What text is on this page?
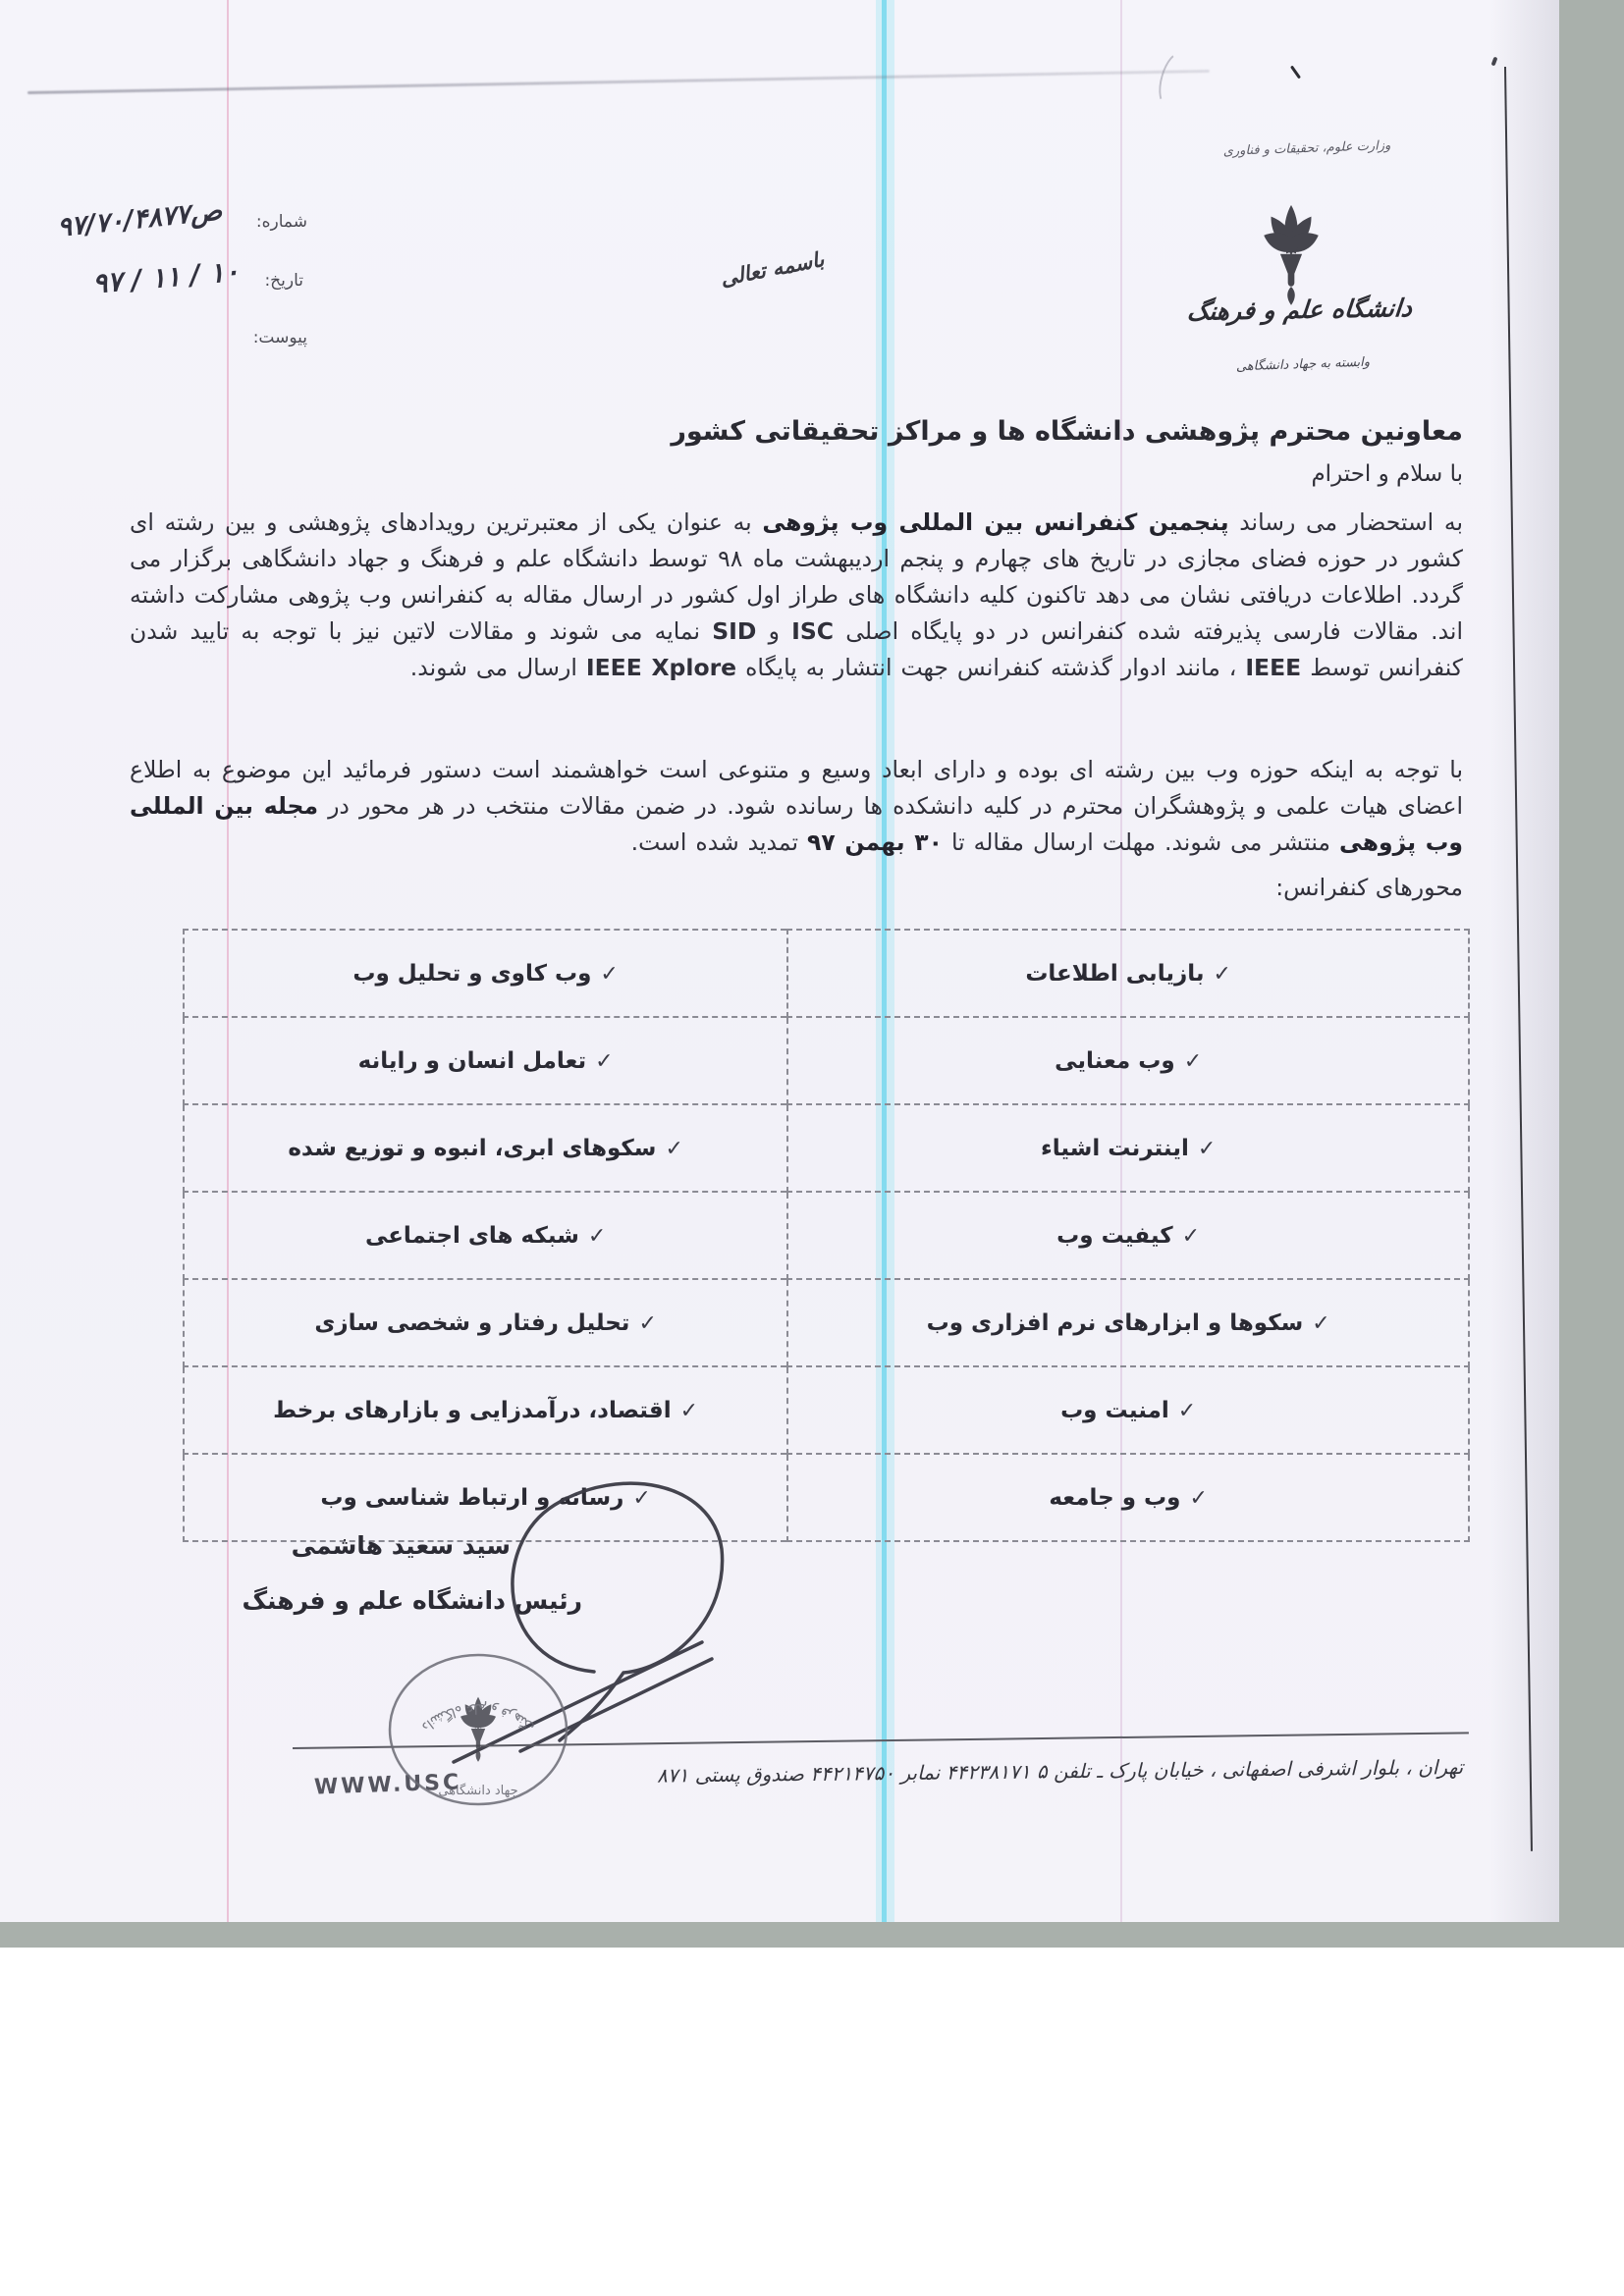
وزارت علوم، تحقیقات و فناوری
دانشگاه علم و فرهنگ
وابسته به جهاد دانشگاهی
باسمه تعالی
شماره:
ص۹۷/۷۰/۴۸۷۷
تاریخ:
۹۷ / ۱۱ / ۱۰
پیوست:
معاونین محترم پژوهشی دانشگاه ها و مراکز تحقیقاتی کشور
با سلام و احترام

به استحضار می رساند پنجمین کنفرانس بین المللی وب پژوهی به عنوان یکی از معتبرترین رویدادهای پژوهشی و بین رشته ای کشور در حوزه فضای مجازی در تاریخ های چهارم و پنجم اردیبهشت ماه ۹۸ توسط دانشگاه علم و فرهنگ و جهاد دانشگاهی برگزار می گردد. اطلاعات دریافتی نشان می دهد تاکنون کلیه دانشگاه های طراز اول کشور در ارسال مقاله به کنفرانس وب پژوهی مشارکت داشته اند. مقالات فارسی پذیرفته شده کنفرانس در دو پایگاه اصلی ISC و SID نمایه می شوند و مقالات لاتین نیز با توجه به تایید شدن کنفرانس توسط IEEE ، مانند ادوار گذشته کنفرانس جهت انتشار به پایگاه IEEE Xplore ارسال می شوند.

با توجه به اینکه حوزه وب بین رشته ای بوده و دارای ابعاد وسیع و متنوعی است خواهشمند است دستور فرمائید این موضوع به اطلاع اعضای هیات علمی و پژوهشگران محترم در کلیه دانشکده ها رسانده شود. در ضمن مقالات منتخب در هر محور در مجله بین المللی وب پژوهی منتشر می شوند. مهلت ارسال مقاله تا ۳۰ بهمن ۹۷ تمدید شده است.

محورهای کنفرانس:
✓بازیابی اطلاعات	✓وب کاوی و تحلیل وب
✓وب معنایی	✓تعامل انسان و رایانه
✓اینترنت اشیاء	✓سکوهای ابری، انبوه و توزیع شده
✓کیفیت وب	✓شبکه های اجتماعی
✓سکوها و ابزارهای نرم افزاری وب	✓تحلیل رفتار و شخصی سازی
✓امنیت وب	✓اقتصاد، درآمدزایی و بازارهای برخط
✓وب و جامعه	✓رسانه و ارتباط شناسی وب
سید سعید هاشمی
رئیس دانشگاه علم و فرهنگ
تهران ، بلوار اشرفی اصفهانی ، خیابان پارک ـ تلفن ۵ ۴۴۲۳۸۱۷۱ نمابر ۴۴۲۱۴۷۵۰ صندوق پستی ۸۷۱
WWW.USC
دانشگاه علم و فرهنگ
جهاد دانشگاهی
